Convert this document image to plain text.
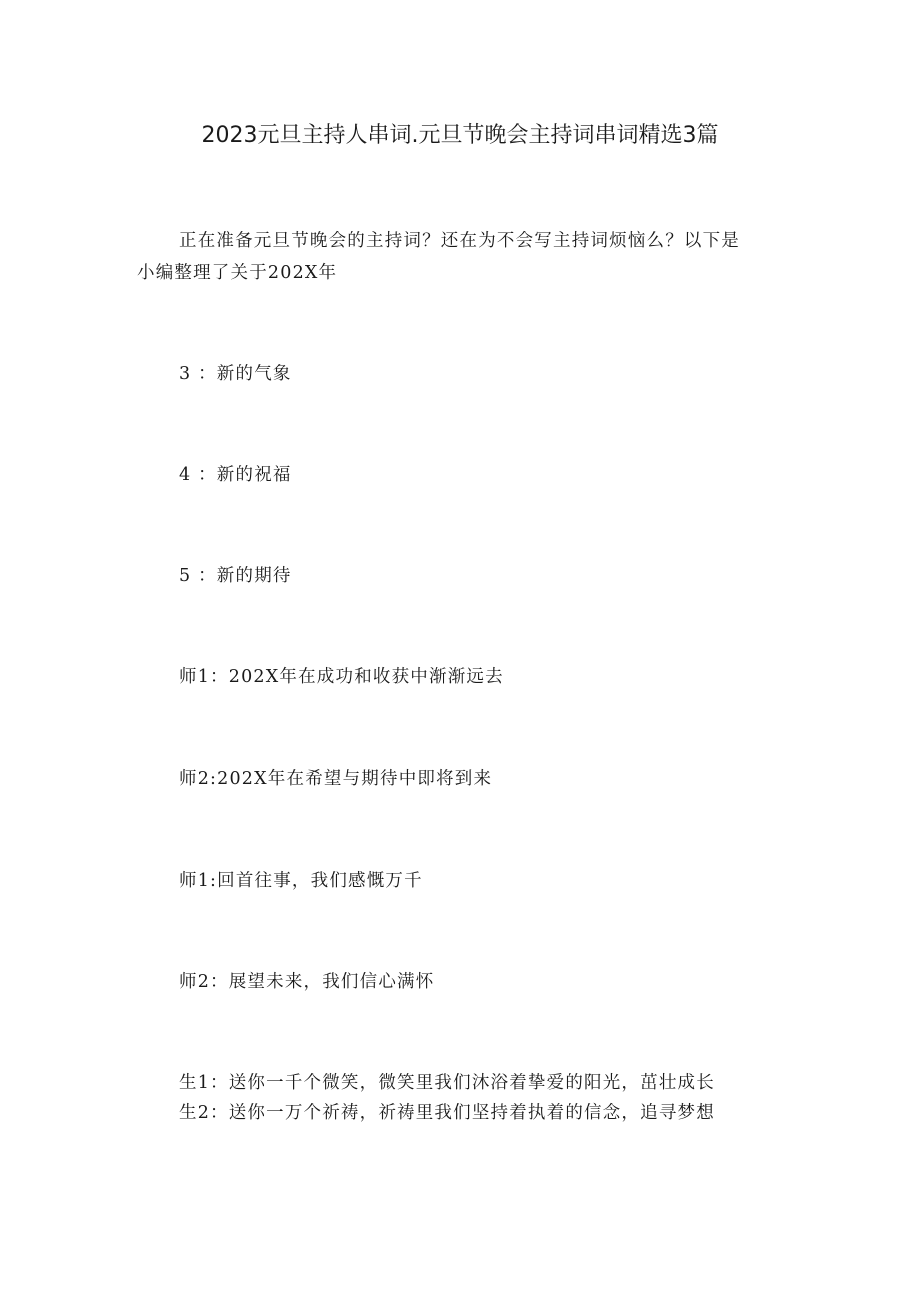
2023元旦主持人串词.元旦节晚会主持词串词精选3篇

正在准备元旦节晚会的主持词？还在为不会写主持词烦恼么？以下是
小编整理了关于202X年

3 ：新的气象

4 ：新的祝福

5 ：新的期待

师1：202X年在成功和收获中渐渐远去

师2:202X年在希望与期待中即将到来

师1:回首往事，我们感慨万千

师2：展望未来，我们信心满怀

生1：送你一千个微笑，微笑里我们沐浴着挚爱的阳光，茁壮成长

生2：送你一万个祈祷，祈祷里我们坚持着执着的信念，追寻梦想
